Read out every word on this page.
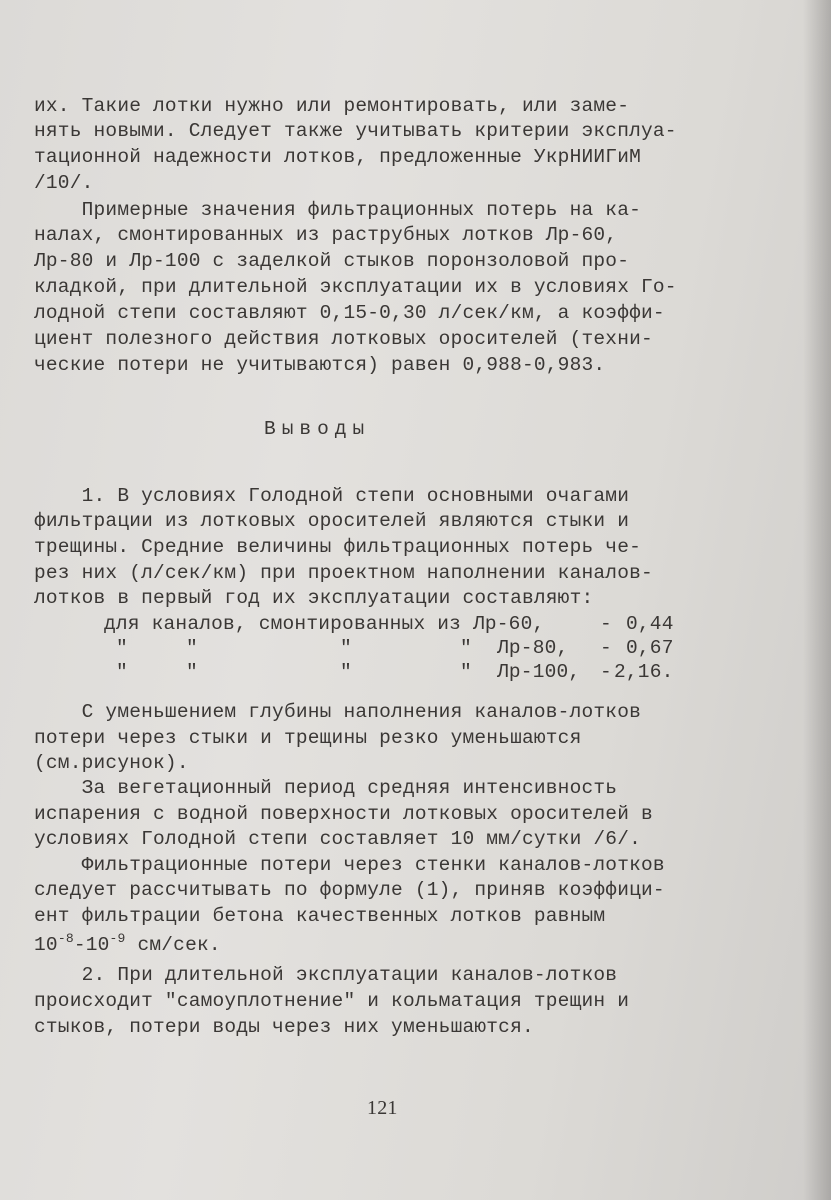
их. Такие лотки нужно или ремонтировать, или заме-
нять новыми. Следует также учитывать критерии эксплуа-
тационной надежности лотков, предложенные УкрНИИГиМ
/10/.
Примерные значения фильтрационных потерь на ка-
налах, смонтированных из раструбных лотков Лр-60,
Лр-80 и Лр-100 с заделкой стыков поронзоловой про-
кладкой, при длительной эксплуатации их в условиях Го-
лодной степи составляют 0,15-0,30 л/сек/км, а коэффи-
циент полезного действия лотковых оросителей (техни-
ческие потери не учитываются) равен 0,988-0,983.
Выводы
1. В условиях Голодной степи основными очагами
фильтрации из лотковых оросителей являются стыки и
трещины. Средние величины фильтрационных потерь че-
рез них (л/сек/км) при проектном наполнении каналов-
лотков в первый год их эксплуатации составляют:
для каналов, смонтированных из Лр-60,	- 0,44
"	"	"	" Лр-80, - 0,67
"	"	"	" Лр-100, - 2,16.
С уменьшением глубины наполнения каналов-лотков
потери через стыки и трещины резко уменьшаются
(см.рисунок).
За вегетационный период средняя интенсивность
испарения с водной поверхности лотковых оросителей в
условиях Голодной степи составляет 10 мм/сутки /6/.
Фильтрационные потери через стенки каналов-лотков
следует рассчитывать по формуле (1), приняв коэффици-
ент фильтрации бетона качественных лотков равным
$10^{-8}-10^{-9}$ см/сек.
2. При длительной эксплуатации каналов-лотков
происходит "самоуплотнение" и кольматация трещин и
стыков, потери воды через них уменьшаются.
121
